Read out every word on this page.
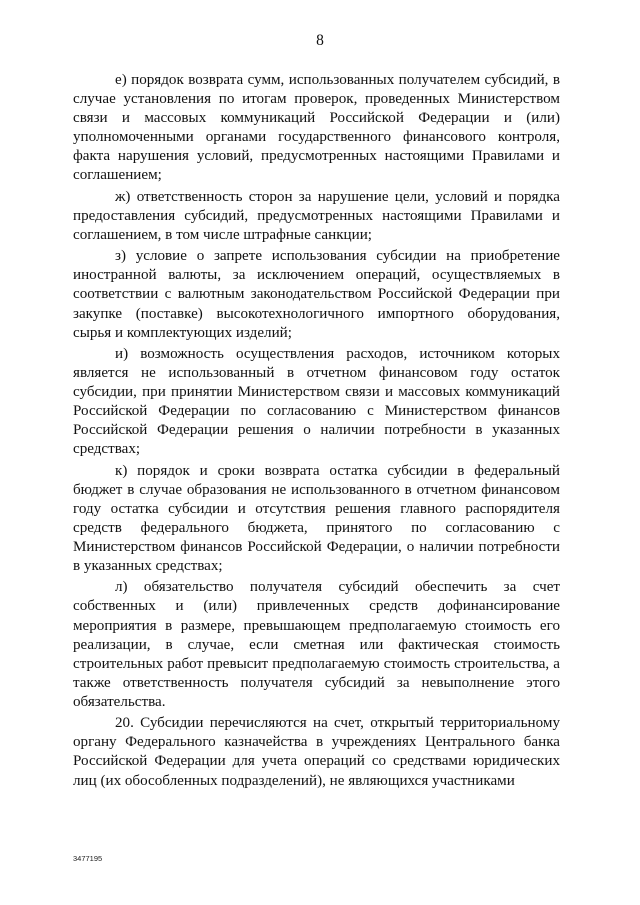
8

е) порядок возврата сумм, использованных получателем субсидий, в случае установления по итогам проверок, проведенных Министерством связи и массовых коммуникаций Российской Федерации и (или) уполномоченными органами государственного финансового контроля, факта нарушения условий, предусмотренных настоящими Правилами и соглашением;

ж) ответственность сторон за нарушение цели, условий и порядка предоставления субсидий, предусмотренных настоящими Правилами и соглашением, в том числе штрафные санкции;

з) условие о запрете использования субсидии на приобретение иностранной валюты, за исключением операций, осуществляемых в соответствии с валютным законодательством Российской Федерации при закупке (поставке) высокотехнологичного импортного оборудования, сырья и комплектующих изделий;

и) возможность осуществления расходов, источником которых является не использованный в отчетном финансовом году остаток субсидии, при принятии Министерством связи и массовых коммуникаций Российской Федерации по согласованию с Министерством финансов Российской Федерации решения о наличии потребности в указанных средствах;

к) порядок и сроки возврата остатка субсидии в федеральный бюджет в случае образования не использованного в отчетном финансовом году остатка субсидии и отсутствия решения главного распорядителя средств федерального бюджета, принятого по согласованию с Министерством финансов Российской Федерации, о наличии потребности в указанных средствах;

л) обязательство получателя субсидий обеспечить за счет собственных и (или) привлеченных средств дофинансирование мероприятия в размере, превышающем предполагаемую стоимость его реализации, в случае, если сметная или фактическая стоимость строительных работ превысит предполагаемую стоимость строительства, а также ответственность получателя субсидий за невыполнение этого обязательства.

20. Субсидии перечисляются на счет, открытый территориальному органу Федерального казначейства в учреждениях Центрального банка Российской Федерации для учета операций со средствами юридических лиц (их обособленных подразделений), не являющихся участниками

3477195
